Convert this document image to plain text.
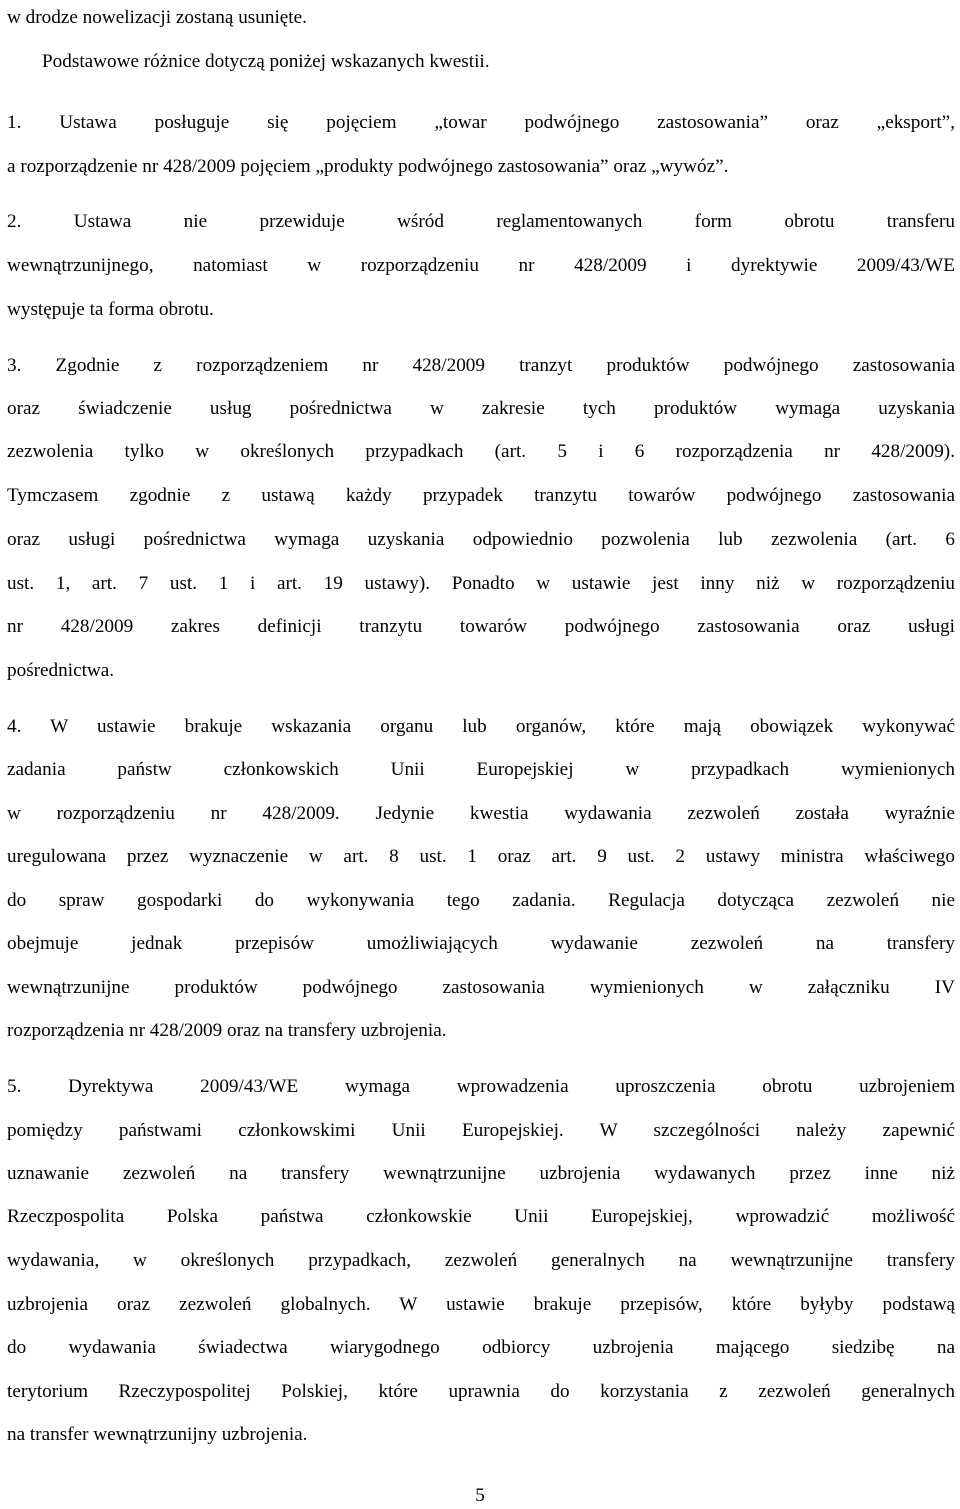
w drodze nowelizacji zostaną usunięte.
Podstawowe różnice dotyczą poniżej wskazanych kwestii.
1. Ustawa posługuje się pojęciem „towar podwójnego zastosowania” oraz „eksport”,
a rozporządzenie nr 428/2009 pojęciem „produkty podwójnego zastosowania” oraz „wywóz”.
2. Ustawa nie przewiduje wśród reglamentowanych form obrotu transferu
wewnątrzunijnego, natomiast w rozporządzeniu nr 428/2009 i dyrektywie 2009/43/WE
występuje ta forma obrotu.
3. Zgodnie z rozporządzeniem nr 428/2009 tranzyt produktów podwójnego zastosowania
oraz świadczenie usług pośrednictwa w zakresie tych produktów wymaga uzyskania
zezwolenia tylko w określonych przypadkach (art. 5 i 6 rozporządzenia nr 428/2009).
Tymczasem zgodnie z ustawą każdy przypadek tranzytu towarów podwójnego zastosowania
oraz usługi pośrednictwa wymaga uzyskania odpowiednio pozwolenia lub zezwolenia (art. 6
ust. 1, art. 7 ust. 1 i art. 19 ustawy). Ponadto w ustawie jest inny niż w rozporządzeniu
nr 428/2009 zakres definicji tranzytu towarów podwójnego zastosowania oraz usługi
pośrednictwa.
4. W ustawie brakuje wskazania organu lub organów, które mają obowiązek wykonywać
zadania państw członkowskich Unii Europejskiej w przypadkach wymienionych
w rozporządzeniu nr 428/2009. Jedynie kwestia wydawania zezwoleń została wyraźnie
uregulowana przez wyznaczenie w art. 8 ust. 1 oraz art. 9 ust. 2 ustawy ministra właściwego
do spraw gospodarki do wykonywania tego zadania. Regulacja dotycząca zezwoleń nie
obejmuje jednak przepisów umożliwiających wydawanie zezwoleń na transfery
wewnątrzunijne produktów podwójnego zastosowania wymienionych w załączniku IV
rozporządzenia nr 428/2009 oraz na transfery uzbrojenia.
5. Dyrektywa 2009/43/WE wymaga wprowadzenia uproszczenia obrotu uzbrojeniem
pomiędzy państwami członkowskimi Unii Europejskiej. W szczególności należy zapewnić
uznawanie zezwoleń na transfery wewnątrzunijne uzbrojenia wydawanych przez inne niż
Rzeczpospolita Polska państwa członkowskie Unii Europejskiej, wprowadzić możliwość
wydawania, w określonych przypadkach, zezwoleń generalnych na wewnątrzunijne transfery
uzbrojenia oraz zezwoleń globalnych. W ustawie brakuje przepisów, które byłyby podstawą
do wydawania świadectwa wiarygodnego odbiorcy uzbrojenia mającego siedzibę na
terytorium Rzeczypospolitej Polskiej, które uprawnia do korzystania z zezwoleń generalnych
na transfer wewnątrzunijny uzbrojenia.
5
